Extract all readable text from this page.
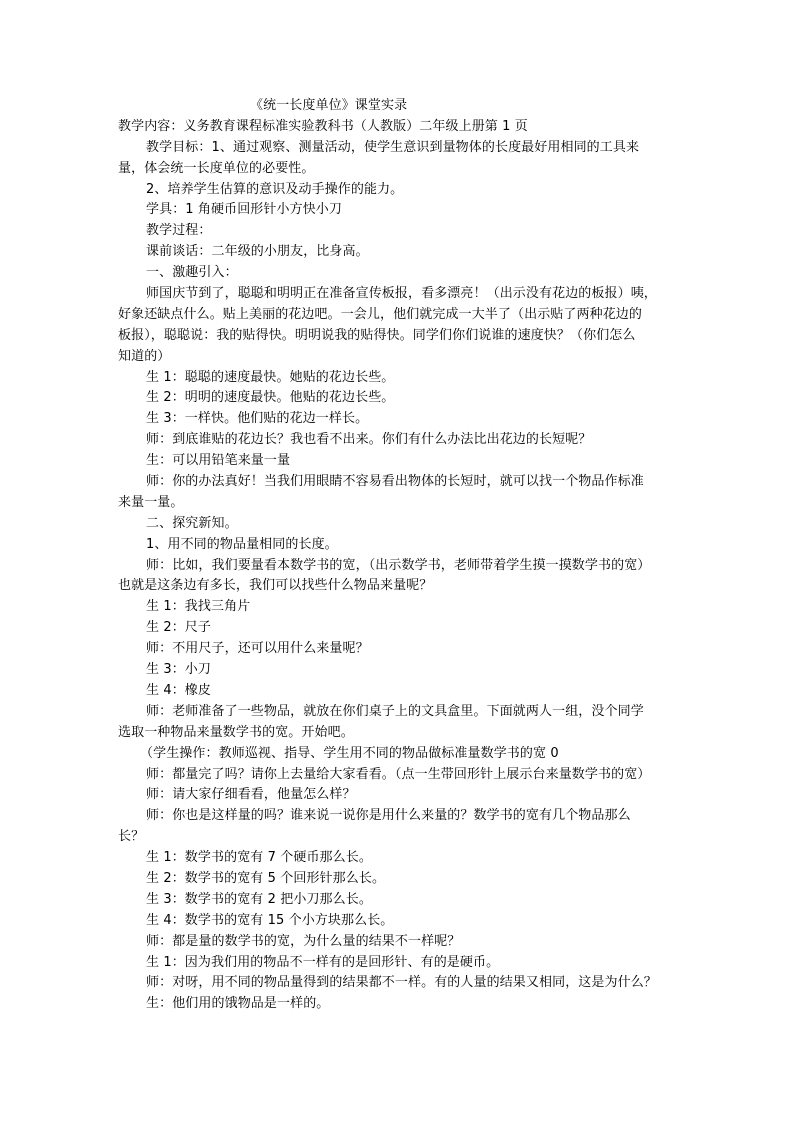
《统一长度单位》课堂实录
教学内容：义务教育课程标准实验教科书（人教版）二年级上册第 1 页
教学目标：1、通过观察、测量活动，使学生意识到量物体的长度最好用相同的工具来
量，体会统一长度单位的必要性。
2、培养学生估算的意识及动手操作的能力。
学具：1 角硬币回形针小方快小刀
教学过程：
课前谈话：二年级的小朋友，比身高。
一、激趣引入：
师国庆节到了，聪聪和明明正在准备宣传板报，看多漂亮！（出示没有花边的板报）咦，
好象还缺点什么。贴上美丽的花边吧。一会儿，他们就完成一大半了（出示贴了两种花边的
板报），聪聪说：我的贴得快。明明说我的贴得快。同学们你们说谁的速度快？（你们怎么
知道的）
生 1：聪聪的速度最快。她贴的花边长些。
生 2：明明的速度最快。他贴的花边长些。
生 3：一样快。他们贴的花边一样长。
师：到底谁贴的花边长？我也看不出来。你们有什么办法比出花边的长短呢？
生：可以用铅笔来量一量
师：你的办法真好！当我们用眼睛不容易看出物体的长短时，就可以找一个物品作标准
来量一量。
二、探究新知。
1、用不同的物品量相同的长度。
师：比如，我们要量看本数学书的宽，（出示数学书，老师带着学生摸一摸数学书的宽）
也就是这条边有多长，我们可以找些什么物品来量呢？
生 1：我找三角片
生 2：尺子
师：不用尺子，还可以用什么来量呢？
生 3：小刀
生 4：橡皮
师：老师准备了一些物品，就放在你们桌子上的文具盒里。下面就两人一组，没个同学
选取一种物品来量数学书的宽。开始吧。
（学生操作：教师巡视、指导、学生用不同的物品做标准量数学书的宽 0
师：都量完了吗？请你上去量给大家看看。（点一生带回形针上展示台来量数学书的宽）
师：请大家仔细看看，他量怎么样？
师：你也是这样量的吗？谁来说一说你是用什么来量的？数学书的宽有几个物品那么
长？
生 1：数学书的宽有 7 个硬币那么长。
生 2：数学书的宽有 5 个回形针那么长。
生 3：数学书的宽有 2 把小刀那么长。
生 4：数学书的宽有 15 个小方块那么长。
师：都是量的数学书的宽，为什么量的结果不一样呢？
生 1：因为我们用的物品不一样有的是回形针、有的是硬币。
师：对呀，用不同的物品量得到的结果都不一样。有的人量的结果又相同，这是为什么？
生：他们用的饿物品是一样的。
